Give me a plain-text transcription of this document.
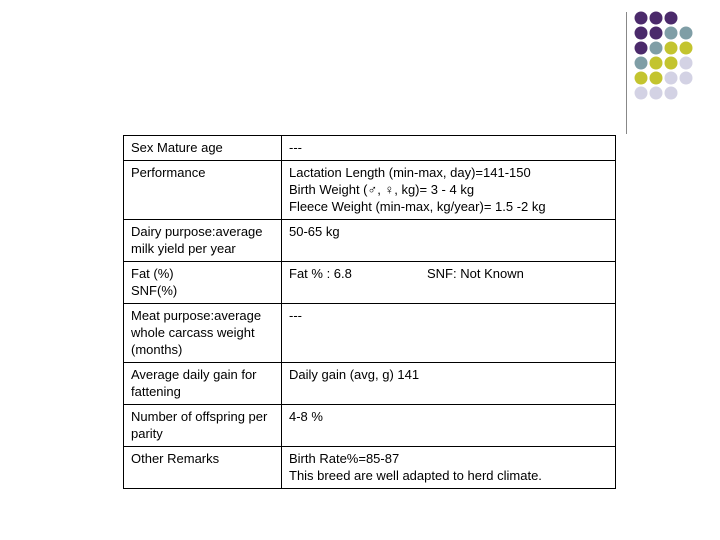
Sex Mature age	---

Performance	Lactation Length (min-max, day)=141-150
Birth Weight (♂, ♀, kg)= 3 - 4 kg
Fleece Weight (min-max, kg/year)= 1.5 -2 kg

Dairy purpose:average milk yield per year	50-65 kg

Fat (%)
SNF(%)	Fat % : 6.8 SNF: Not Known
Meat purpose:average whole carcass weight (months)	---

Average daily gain for fattening	Daily gain (avg, g) 141

Number of offspring per parity	4-8 %

Other Remarks	Birth Rate%=85-87
This breed are well adapted to herd climate.
